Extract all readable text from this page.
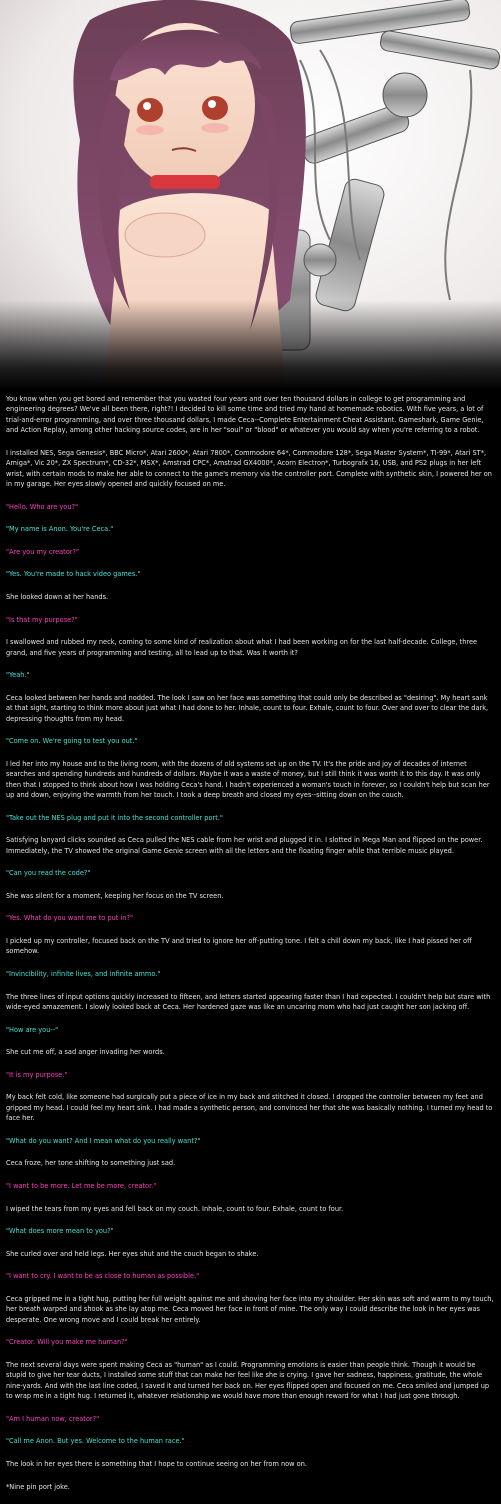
You know when you get bored and remember that you wasted four years and over ten thousand dollars in college to get programming and engineering degrees? We've all been there, right?! I decided to kill some time and tried my hand at homemade robotics. With five years, a lot of trial-and-error programming, and over three thousand dollars, I made Ceca--Complete Entertainment Cheat Assistant. Gameshark, Game Genie, and Action Replay, among other hacking source codes, are in her "soul" or "blood" or whatever you would say when you're referring to a robot.

I installed NES, Sega Genesis*, BBC Micro*, Atari 2600*, Atari 7800*, Commodore 64*, Commodore 128*, Sega Master System*, TI-99*, Atari ST*, Amiga*, Vic 20*, ZX Spectrum*, CD-32*, MSX*, Amstrad CPC*, Amstrad GX4000*, Acorn Electron*, Turbografx 16, USB, and PS2 plugs in her left wrist, with certain mods to make her able to connect to the game's memory via the controller port. Complete with synthetic skin, I powered her on in my garage. Her eyes slowly opened and quickly focused on me.

"Hello. Who are you?"

"My name is Anon. You're Ceca."

"Are you my creator?"

"Yes. You're made to hack video games."

She looked down at her hands.

"Is that my purpose?"

I swallowed and rubbed my neck, coming to some kind of realization about what I had been working on for the last half-decade. College, three grand, and five years of programming and testing, all to lead up to that. Was it worth it?

"Yeah."

Ceca looked between her hands and nodded. The look I saw on her face was something that could only be described as "desiring". My heart sank at that sight, starting to think more about just what I had done to her. Inhale, count to four. Exhale, count to four. Over and over to clear the dark, depressing thoughts from my head.

"Come on. We're going to test you out."

I led her into my house and to the living room, with the dozens of old systems set up on the TV. It's the pride and joy of decades of internet searches and spending hundreds and hundreds of dollars. Maybe it was a waste of money, but I still think it was worth it to this day. It was only then that I stopped to think about how I was holding Ceca's hand. I hadn't experienced a woman's touch in forever, so I couldn't help but scan her up and down, enjoying the warmth from her touch. I took a deep breath and closed my eyes--sitting down on the couch.

"Take out the NES plug and put it into the second controller port."

Satisfying lanyard clicks sounded as Ceca pulled the NES cable from her wrist and plugged it in. I slotted in Mega Man and flipped on the power. Immediately, the TV showed the original Game Genie screen with all the letters and the floating finger while that terrible music played.

"Can you read the code?"

She was silent for a moment, keeping her focus on the TV screen.

"Yes. What do you want me to put in?"

I picked up my controller, focused back on the TV and tried to ignore her off-putting tone. I felt a chill down my back, like I had pissed her off somehow.

"Invincibility, infinite lives, and infinite ammo."

The three lines of input options quickly increased to fifteen, and letters started appearing faster than I had expected. I couldn't help but stare with wide-eyed amazement. I slowly looked back at Ceca. Her hardened gaze was like an uncaring mom who had just caught her son jacking off.

"How are you--"

She cut me off, a sad anger invading her words.

"It is my purpose."

My back felt cold, like someone had surgically put a piece of ice in my back and stitched it closed. I dropped the controller between my feet and gripped my head. I could feel my heart sink. I had made a synthetic person, and convinced her that she was basically nothing. I turned my head to face her.

"What do you want? And I mean what do you really want?"

Ceca froze, her tone shifting to something just sad.

"I want to be more. Let me be more, creator."

I wiped the tears from my eyes and fell back on my couch. Inhale, count to four. Exhale, count to four.

"What does more mean to you?"

She curled over and held legs. Her eyes shut and the couch began to shake.

"I want to cry. I want to be as close to human as possible."

Ceca gripped me in a tight hug, putting her full weight against me and shoving her face into my shoulder. Her skin was soft and warm to my touch, her breath warped and shook as she lay atop me. Ceca moved her face in front of mine. The only way I could describe the look in her eyes was desperate. One wrong move and I could break her entirely.

"Creator. Will you make me human?"

The next several days were spent making Ceca as "human" as I could. Programming emotions is easier than people think. Though it would be stupid to give her tear ducts, I installed some stuff that can make her feel like she is crying. I gave her sadness, happiness, gratitude, the whole nine-yards. And with the last line coded, I saved it and turned her back on. Her eyes flipped open and focused on me. Ceca smiled and jumped up to wrap me in a tight hug. I returned it, whatever relationship we would have more than enough reward for what I had just gone through.

"Am I human now, creator?"

"Call me Anon. But yes. Welcome to the human race."

The look in her eyes there is something that I hope to continue seeing on her from now on.

*Nine pin port joke.
